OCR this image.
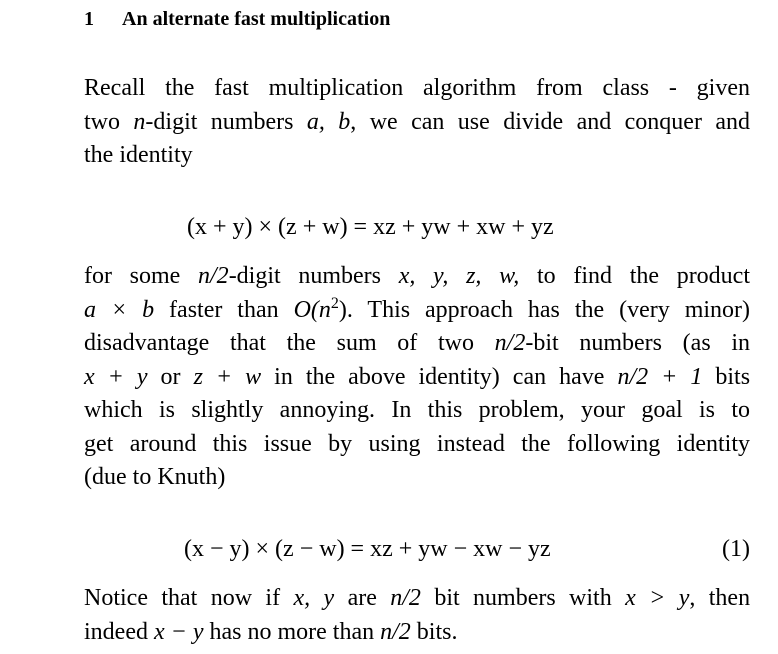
1 An alternate fast multiplication
Recall the fast multiplication algorithm from class - given
two n-digit numbers a, b, we can use divide and conquer and
the identity
(x + y) × (z + w) = xz + yw + xw + yz
for some n/2-digit numbers x, y, z, w, to find the product
a × b faster than $O(n^2)$. This approach has the (very minor)
disadvantage that the sum of two n/2-bit numbers (as in
x + y or z + w in the above identity) can have n/2 + 1 bits
which is slightly annoying. In this problem, your goal is to
get around this issue by using instead the following identity
(due to Knuth)
(x − y) × (z − w) = xz + yw − xw − yz	(1)
Notice that now if x, y are n/2 bit numbers with x > y, then
indeed x − y has no more than n/2 bits.
